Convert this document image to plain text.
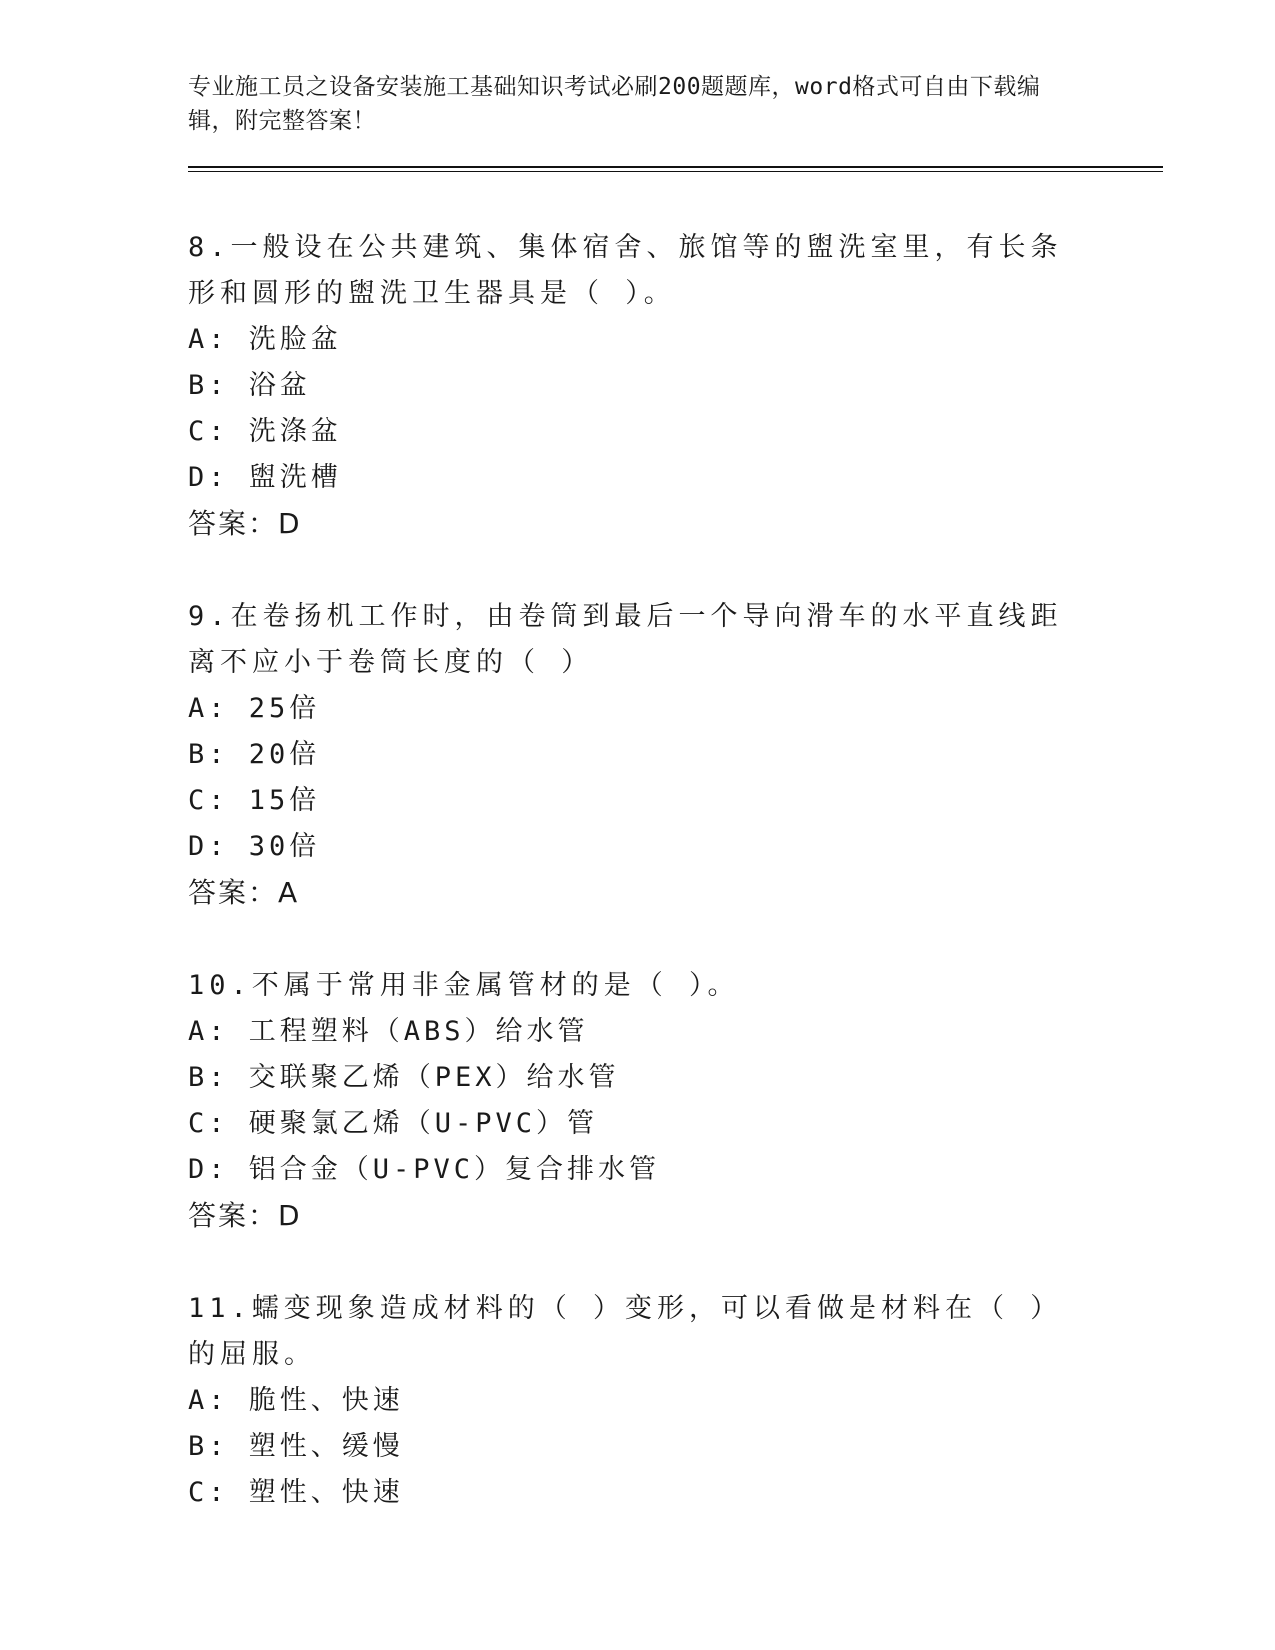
专业施工员之设备安装施工基础知识考试必刷200题题库，word格式可自由下载编辑，附完整答案！
8.一般设在公共建筑、集体宿舍、旅馆等的盥洗室里，有长条形和圆形的盥洗卫生器具是（ ）。
A: 洗脸盆
B: 浴盆
C: 洗涤盆
D: 盥洗槽
答案：D
9.在卷扬机工作时，由卷筒到最后一个导向滑车的水平直线距离不应小于卷筒长度的（ ）
A: 25倍
B: 20倍
C: 15倍
D: 30倍
答案：A
10.不属于常用非金属管材的是（ ）。
A: 工程塑料（ABS）给水管
B: 交联聚乙烯（PEX）给水管
C: 硬聚氯乙烯（U-PVC）管
D: 铝合金（U-PVC）复合排水管
答案：D
11.蠕变现象造成材料的（ ）变形，可以看做是材料在（ ）的屈服。
A: 脆性、快速
B: 塑性、缓慢
C: 塑性、快速
